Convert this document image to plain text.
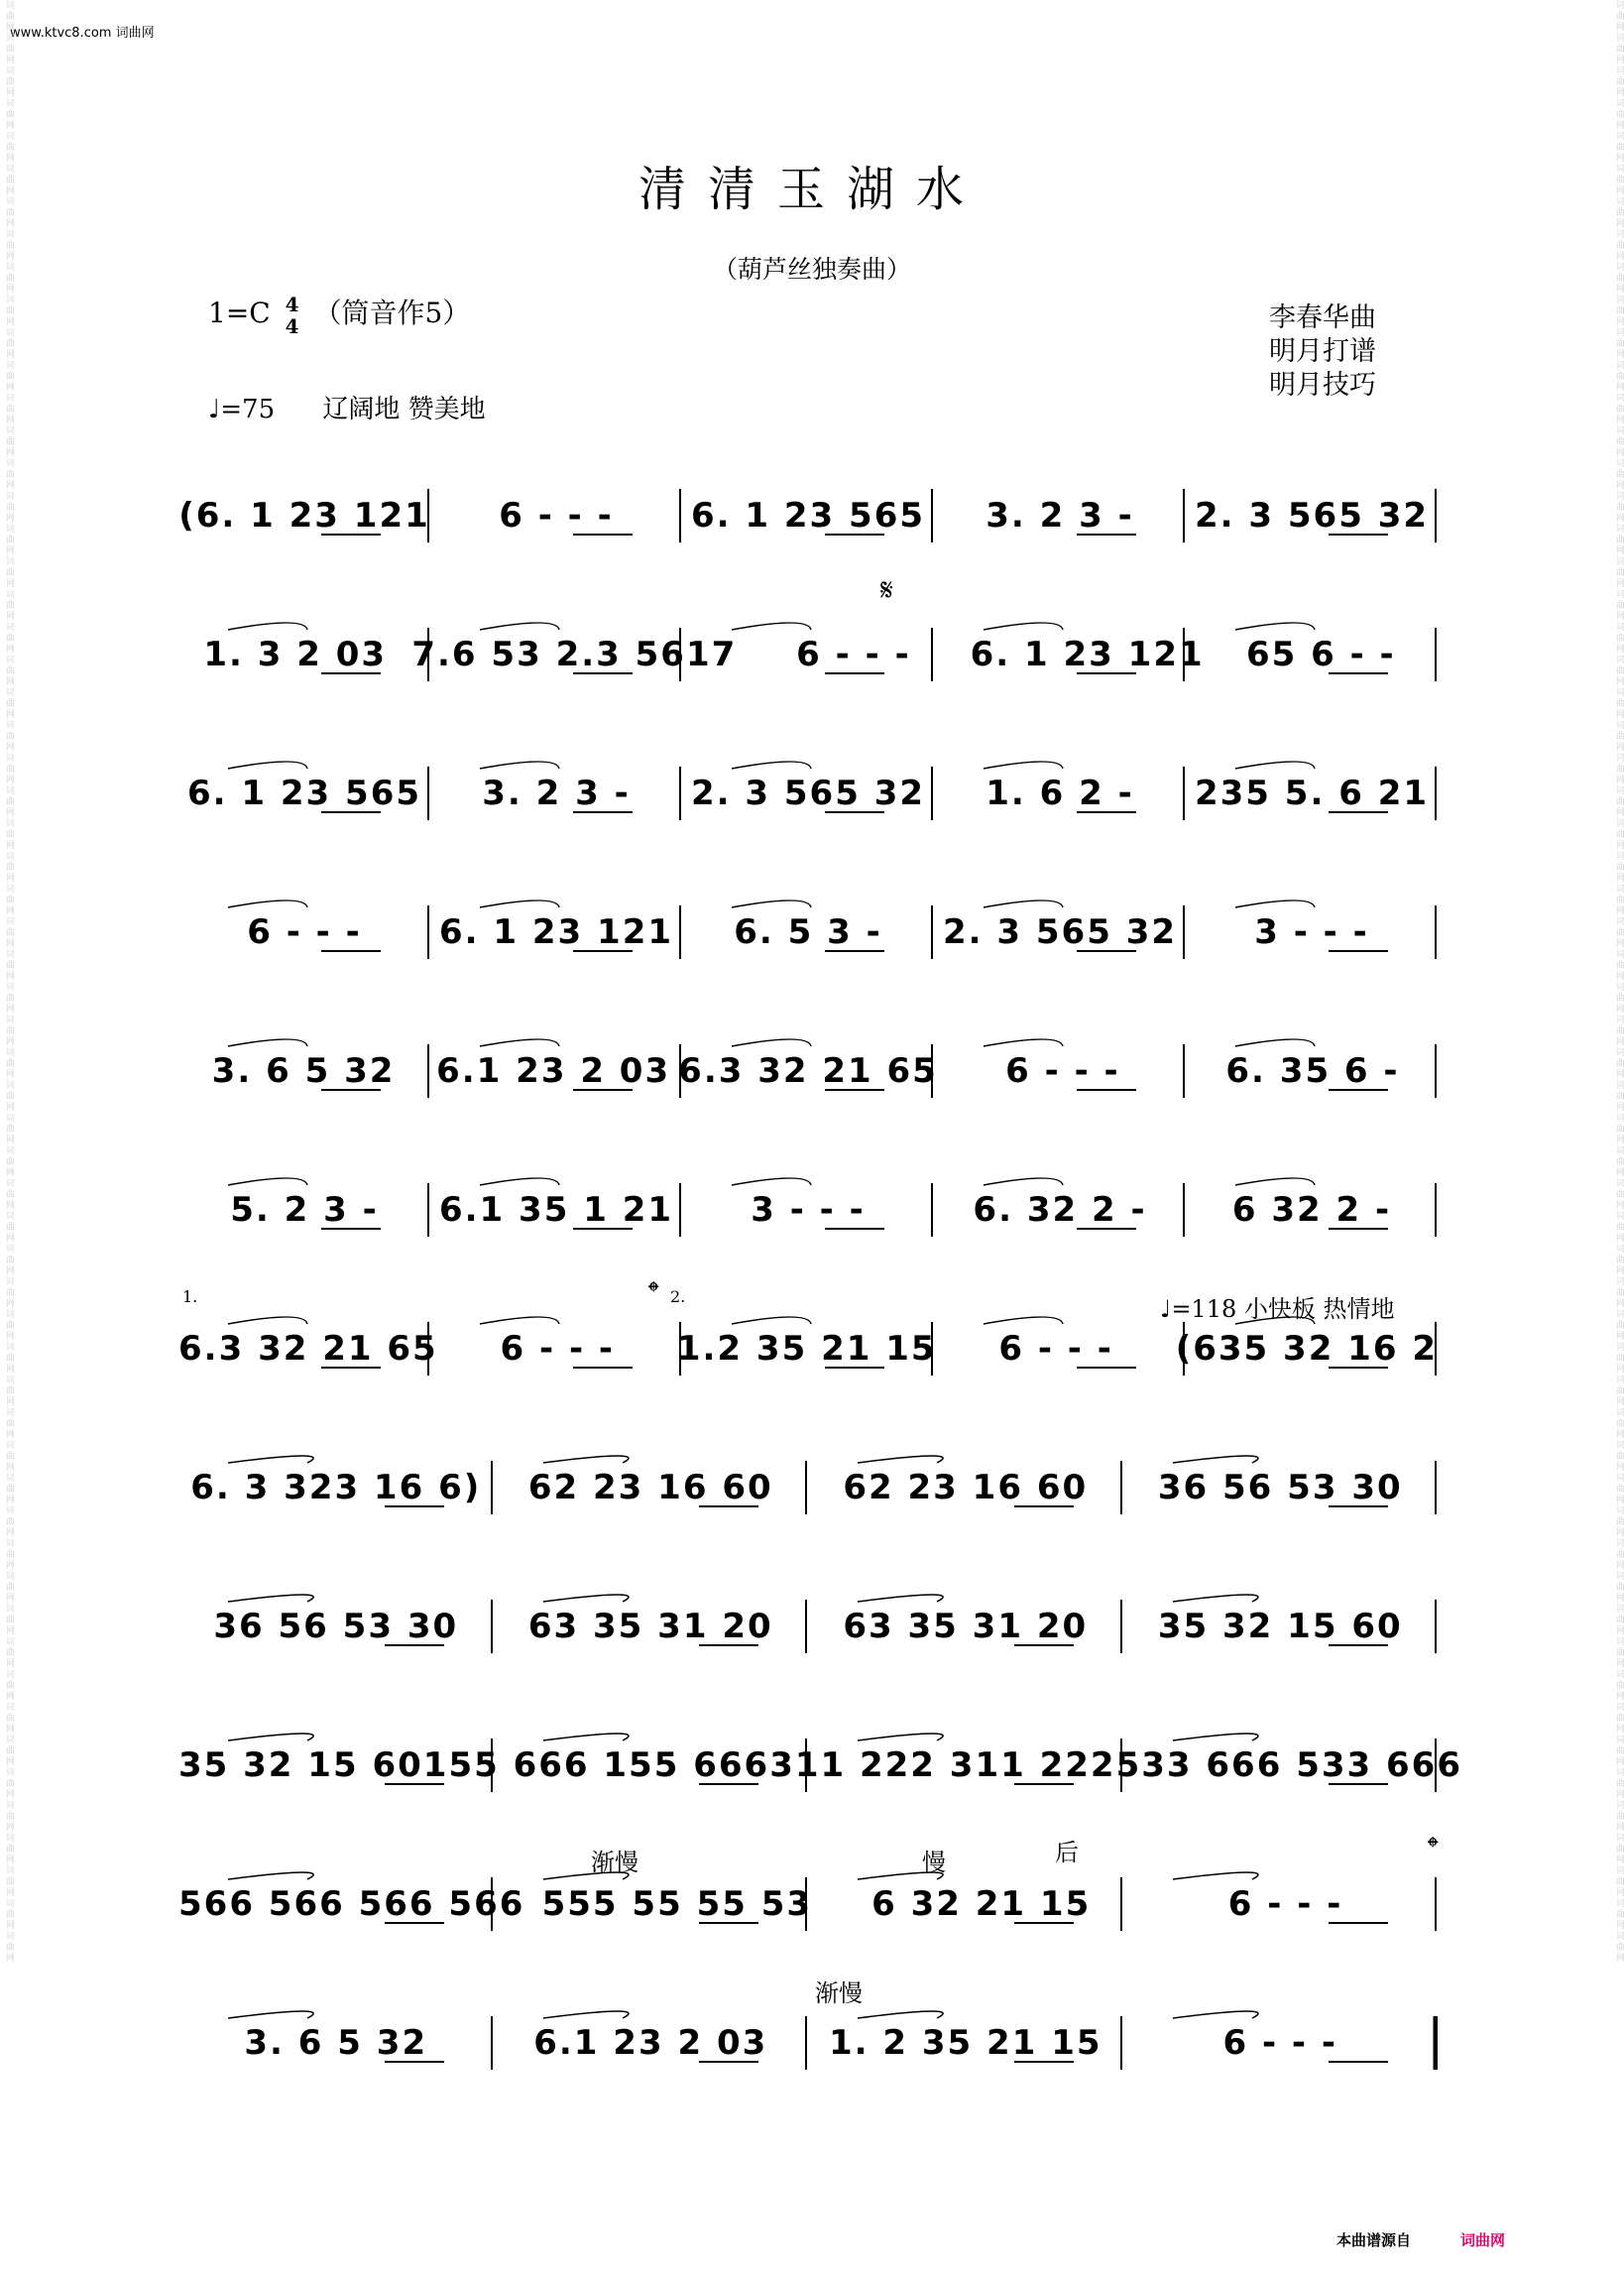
www.ktvc8.com 词曲网
词曲网词曲网词曲网词曲网词曲网词曲网词曲网词曲网词曲网词曲网词曲网词曲网词曲网词曲网词曲网词曲网词曲网词曲网词曲网词曲网词曲网词曲网词曲网词曲网词曲网词曲网词曲网词曲网词曲网词曲网词曲网词曲网词曲网词曲网词曲网词曲网词曲网词曲网词曲网词曲网词曲网词曲网词曲网词曲网词曲网词曲网词曲网词曲网词曲网词曲网词曲网词曲网词曲网词曲网词曲网词曲网词曲网词曲网词曲网词曲网	词曲网词曲网词曲网词曲网词曲网词曲网词曲网词曲网词曲网词曲网词曲网词曲网词曲网词曲网词曲网词曲网词曲网词曲网词曲网词曲网词曲网词曲网词曲网词曲网词曲网词曲网词曲网词曲网词曲网词曲网词曲网词曲网词曲网词曲网词曲网词曲网词曲网词曲网词曲网词曲网词曲网词曲网词曲网词曲网词曲网词曲网词曲网词曲网词曲网词曲网词曲网词曲网词曲网词曲网词曲网词曲网词曲网词曲网词曲网词曲网
清清玉湖水
（葫芦丝独奏曲）
1=C 4
4 （筒音作5）	李春华曲
明月打谱
明月技巧
♩=75 辽阔地 赞美地
𝄋
1.	2.
𝄌	♩=118 小快板 热情地
渐慢	慢	后	𝄌
渐慢
(6. 1 23 121	6 - - -	6. 1 23 565	3. 2 3 -	2. 3 565 32
1. 3 2 03 7.6 53 2.3 5617	6 - - -	6. 1 23 121	65 6 - -
6. 1 23 565	3. 2 3 -	2. 3 565 32	1. 6 2 -	235 5. 6 21
6 - - -	6. 1 23 121	6. 5 3 -	2. 3 565 32	3 - - -
3. 6 5 32	6.1 23 2 03 6.3 32 21 65	6 - - -	6. 35 6 -
5. 2 3 -	6.1 35 1 21	3 - - -	6. 32 2 -	6 32 2 -
6.3 32 21 65	6 - - -	1.2 35 21 15	6 - - -	(635 32 16 2
6. 3 323 16 6)	62 23 16 60	62 23 16 60	36 56 53 30
36 56 53 30	63 35 31 20	63 35 31 20	35 32 15 60
35 32 15 60 155 666 155 666 311 222 311 222 533 666 533 666
566 566 566 566 555 55 55 53	6 32 21 15	6 - - -
3. 6 5 32	6.1 23 2 03	1. 2 35 21 15	6 - - -
本曲谱源自	词曲网
